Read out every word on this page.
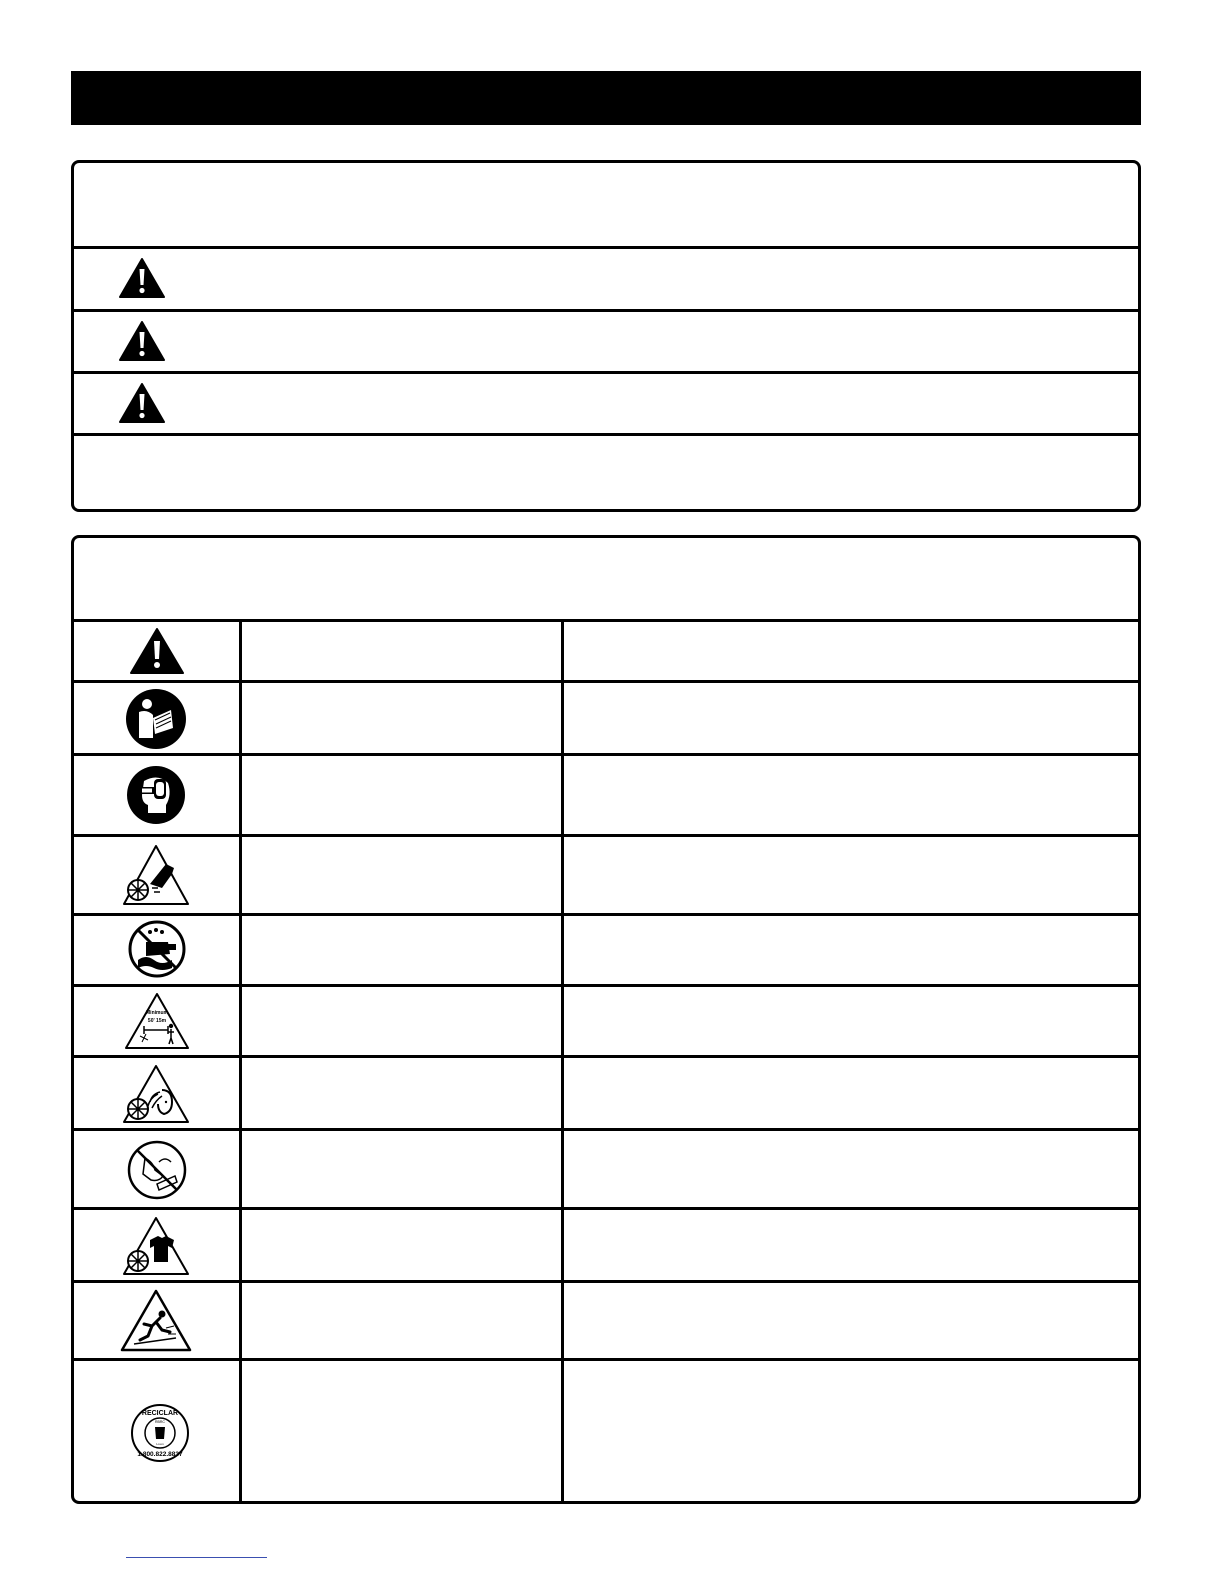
Minimum
50' 15m
RECICLAR
RBRC
Li-ion
1.800.822.8837
